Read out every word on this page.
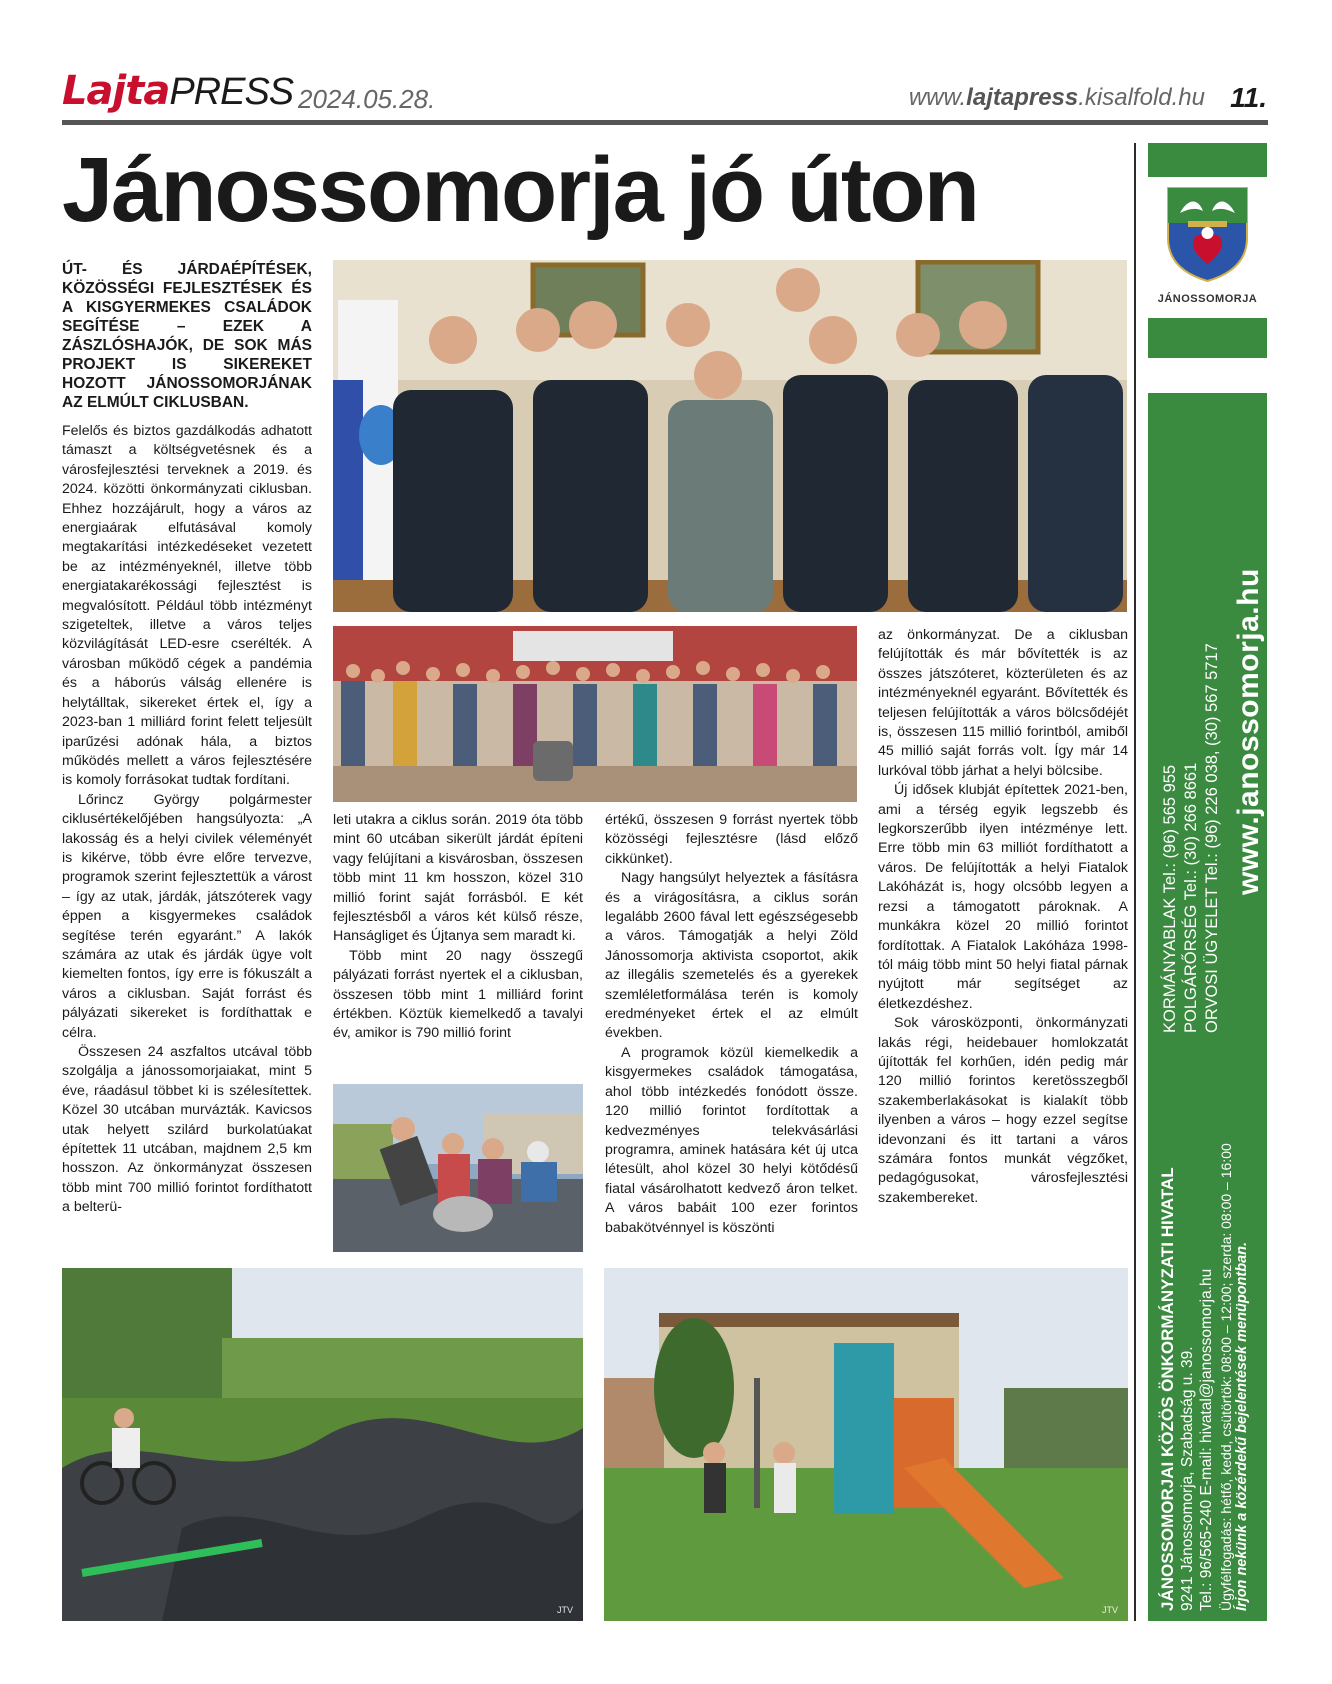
Lajta PRESS 2024.05.28.	www.lajtapress.kisalfold.hu 11.
Jánossomorja jó úton
ÚT- ÉS JÁRDAÉPÍTÉSEK, KÖZÖSSÉGI FEJLESZTÉSEK ÉS A KISGYERMEKES CSALÁDOK SEGÍTÉSE – EZEK A ZÁSZLÓSHAJÓK, DE SOK MÁS PROJEKT IS SIKEREKET HOZOTT JÁNOSSOMORJÁNAK AZ ELMÚLT CIKLUSBAN.

Felelős és biztos gazdálkodás adhatott támaszt a költségvetésnek és a városfejlesztési terveknek a 2019. és 2024. közötti önkormányzati ciklusban. Ehhez hozzájárult, hogy a város az energiaárak elfutásával komoly megtakarítási intézkedéseket vezetett be az intézményeknél, illetve több energiatakarékossági fejlesztést is megvalósított. Például több intézményt szigeteltek, illetve a város teljes közvilágítását LED-esre cserélték. A városban működő cégek a pandémia és a háborús válság ellenére is helytálltak, sikereket értek el, így a 2023-ban 1 milliárd forint felett teljesült iparűzési adónak hála, a biztos működés mellett a város fejlesztésére is komoly forrásokat tudtak fordítani.

Lőrincz György polgármester ciklusértékelőjében hangsúlyozta: „A lakosság és a helyi civilek véleményét is kikérve, több évre előre tervezve, programok szerint fejlesztettük a várost – így az utak, járdák, játszóterek vagy éppen a kisgyermekes családok segítése terén egyaránt.” A lakók számára az utak és járdák ügye volt kiemelten fontos, így erre is fókuszált a város a ciklusban. Saját forrást és pályázati sikereket is fordíthattak e célra.

Összesen 24 aszfaltos utcával több szolgálja a jánossomorjaiakat, mint 5 éve, ráadásul többet ki is szélesítettek. Közel 30 utcában murvázták. Kavicsos utak helyett szilárd burkolatúakat építettek 11 utcában, majdnem 2,5 km hosszon. Az önkormányzat összesen több mint 700 millió forintot fordíthatott a belterü-

leti utakra a ciklus során. 2019 óta több mint 60 utcában sikerült járdát építeni vagy felújítani a kisvárosban, összesen több mint 11 km hosszon, közel 310 millió forint saját forrásból. E két fejlesztésből a város két külső része, Hanságliget és Újtanya sem maradt ki.

Több mint 20 nagy összegű pályázati forrást nyertek el a ciklusban, összesen több mint 1 milliárd forint értékben. Köztük kiemelkedő a tavalyi év, amikor is 790 millió forint

értékű, összesen 9 forrást nyertek több közösségi fejlesztésre (lásd előző cikkünket).

Nagy hangsúlyt helyeztek a fásításra és a virágosításra, a ciklus során legalább 2600 fával lett egészségesebb a város. Támogatják a helyi Zöld Jánossomorja aktivista csoportot, akik az illegális szemetelés és a gyerekek szemléletformálása terén is komoly eredményeket értek el az elmúlt években.

A programok közül kiemelkedik a kisgyermekes családok támogatása, ahol több intézkedés fonódott össze. 120 millió forintot fordítottak a kedvezményes telekvásárlási programra, aminek hatására két új utca létesült, ahol közel 30 helyi kötődésű fiatal vásárolhatott kedvező áron telket. A város babáit 100 ezer forintos babakötvénnyel is köszönti

az önkormányzat. De a ciklusban felújították és már bővítették is az összes játszóteret, közterületen és az intézményeknél egyaránt. Bővítették és teljesen felújították a város bölcsődéjét is, összesen 115 millió forintból, amiből 45 millió saját forrás volt. Így már 14 lurkóval több járhat a helyi bölcsibe.

Új idősek klubját építettek 2021-ben, ami a térség egyik legszebb és legkorszerűbb ilyen intézménye lett. Erre több min 63 milliót fordíthatott a város. De felújították a helyi Fiatalok Lakóházát is, hogy olcsóbb legyen a rezsi a támogatott pároknak. A munkákra közel 20 millió forintot fordítottak. A Fiatalok Lakóháza 1998-tól máig több mint 50 helyi fiatal párnak nyújtott már segítséget az életkezdéshez.

Sok városközponti, önkormányzati lakás régi, heidebauer homlokzatát újították fel korhűen, idén pedig már 120 millió forintos keretösszegből szakemberlakásokat is kialakít több ilyenben a város – hogy ezzel segítse idevonzani és itt tartani a város számára fontos munkát végzőket, pedagógusokat, városfejlesztési szakembereket.

JTV	JTV
JÁNOSSOMORJA
KORMÁNYABLAK Tel.: (96) 565 955 POLGÁRŐRSÉG Tel.: (30) 266 8661 ORVOSI ÜGYELET Tel.: (96) 226 038, (30) 567 5717 www.janossomorja.hu
JÁNOSSOMORJAI KÖZÖS ÖNKORMÁNYZATI HIVATAL 9241 Jánossomorja, Szabadság u. 39. Tel.: 96/565-240 E-mail: hivatal@janossomorja.hu Ügyfélfogadás: hétfő, kedd, csütörtök: 08:00 – 12:00; szerda: 08:00 – 16:00 Írjon nekünk a közérdekű bejelentések menüpontban.
